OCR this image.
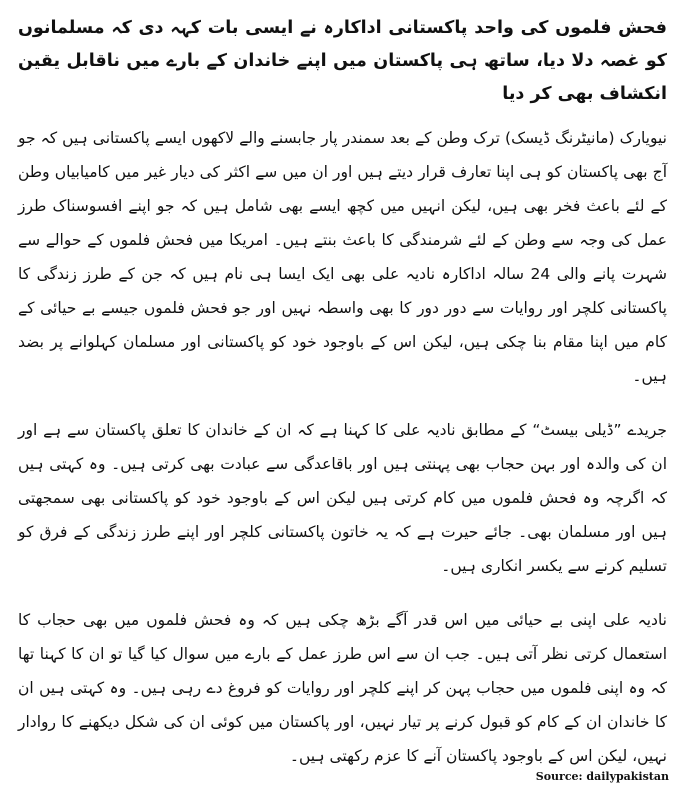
فحش فلموں کی واحد پاکستانی اداکارہ نے ایسی بات کہہ دی کہ مسلمانوں کو غصہ دلا دیا، ساتھ ہی پاکستان میں اپنے خاندان کے بارے میں ناقابل یقین انکشاف بھی کر دیا

نیویارک (مانیٹرنگ ڈیسک) ترک وطن کے بعد سمندر پار جابسنے والے لاکھوں ایسے پاکستانی ہیں کہ جو آج بھی پاکستان کو ہی اپنا تعارف قرار دیتے ہیں اور ان میں سے اکثر کی دیار غیر میں کامیابیاں وطن کے لئے باعث فخر بھی ہیں، لیکن انہیں میں کچھ ایسے بھی شامل ہیں کہ جو اپنے افسوسناک طرز عمل کی وجہ سے وطن کے لئے شرمندگی کا باعث بنتے ہیں۔ امریکا میں فحش فلموں کے حوالے سے شہرت پانے والی 24 سالہ اداکارہ نادیہ علی بھی ایک ایسا ہی نام ہیں کہ جن کے طرز زندگی کا پاکستانی کلچر اور روایات سے دور دور کا بھی واسطہ نہیں اور جو فحش فلموں جیسے بے حیائی کے کام میں اپنا مقام بنا چکی ہیں، لیکن اس کے باوجود خود کو پاکستانی اور مسلمان کہلوانے پر بضد ہیں۔

جریدے ”ڈیلی بیسٹ“ کے مطابق نادیہ علی کا کہنا ہے کہ ان کے خاندان کا تعلق پاکستان سے ہے اور ان کی والدہ اور بہن حجاب بھی پہنتی ہیں اور باقاعدگی سے عبادت بھی کرتی ہیں۔ وہ کہتی ہیں کہ اگرچہ وہ فحش فلموں میں کام کرتی ہیں لیکن اس کے باوجود خود کو پاکستانی بھی سمجھتی ہیں اور مسلمان بھی۔ جائے حیرت ہے کہ یہ خاتون پاکستانی کلچر اور اپنے طرز زندگی کے فرق کو تسلیم کرنے سے یکسر انکاری ہیں۔

نادیہ علی اپنی بے حیائی میں اس قدر آگے بڑھ چکی ہیں کہ وہ فحش فلموں میں بھی حجاب کا استعمال کرتی نظر آتی ہیں۔ جب ان سے اس طرز عمل کے بارے میں سوال کیا گیا تو ان کا کہنا تھا کہ وہ اپنی فلموں میں حجاب پہن کر اپنے کلچر اور روایات کو فروغ دے رہی ہیں۔ وہ کہتی ہیں ان کا خاندان ان کے کام کو قبول کرنے پر تیار نہیں، اور پاکستان میں کوئی ان کی شکل دیکھنے کا روادار نہیں، لیکن اس کے باوجود پاکستان آنے کا عزم رکھتی ہیں۔

Source: dailypakistan
